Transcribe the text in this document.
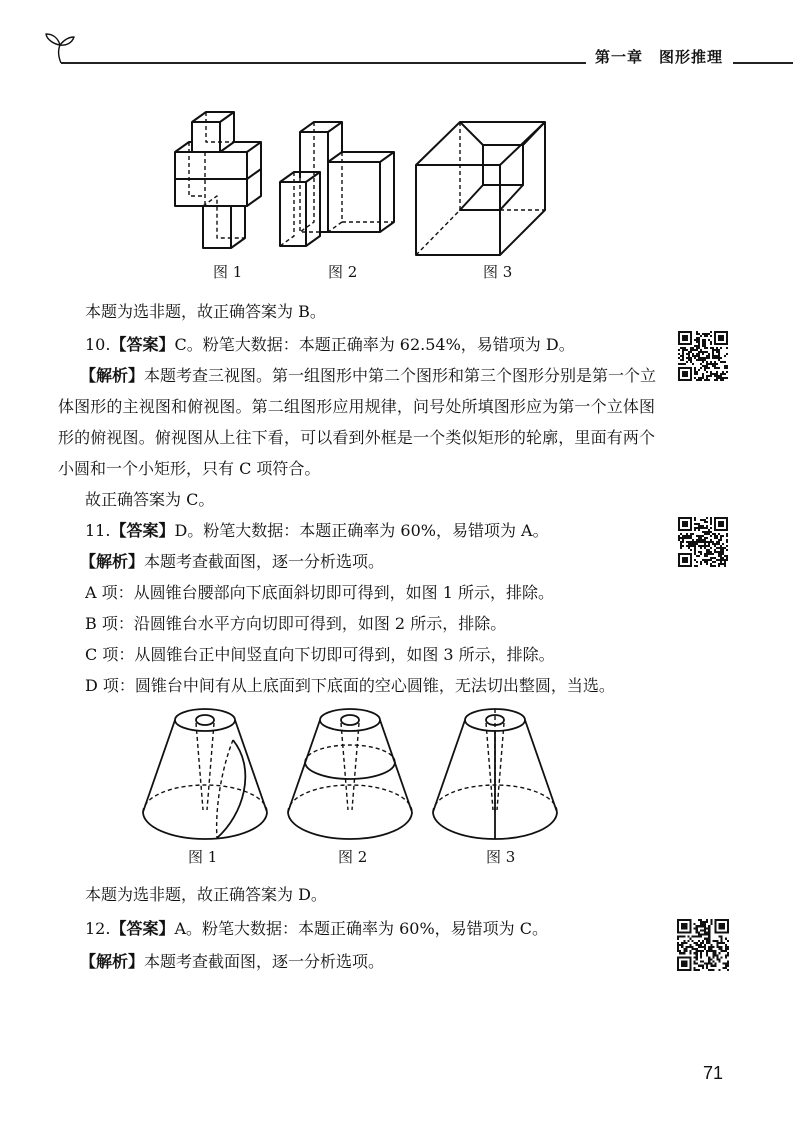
第一章　图形推理
图 1	图 2	图 3
本题为选非题，故正确答案为 B。
10.【答案】C。粉笔大数据：本题正确率为 62.54%，易错项为 D。
【解析】本题考查三视图。第一组图形中第二个图形和第三个图形分别是第一个立
体图形的主视图和俯视图。第二组图形应用规律，问号处所填图形应为第一个立体图
形的俯视图。俯视图从上往下看，可以看到外框是一个类似矩形的轮廓，里面有两个
小圆和一个小矩形，只有 C 项符合。
故正确答案为 C。
11.【答案】D。粉笔大数据：本题正确率为 60%，易错项为 A。
【解析】本题考查截面图，逐一分析选项。
A 项：从圆锥台腰部向下底面斜切即可得到，如图 1 所示，排除。
B 项：沿圆锥台水平方向切即可得到，如图 2 所示，排除。
C 项：从圆锥台正中间竖直向下切即可得到，如图 3 所示，排除。
D 项：圆锥台中间有从上底面到下底面的空心圆锥，无法切出整圆，当选。
图 1	图 2	图 3
本题为选非题，故正确答案为 D。
12.【答案】A。粉笔大数据：本题正确率为 60%，易错项为 C。
【解析】本题考查截面图，逐一分析选项。
71
